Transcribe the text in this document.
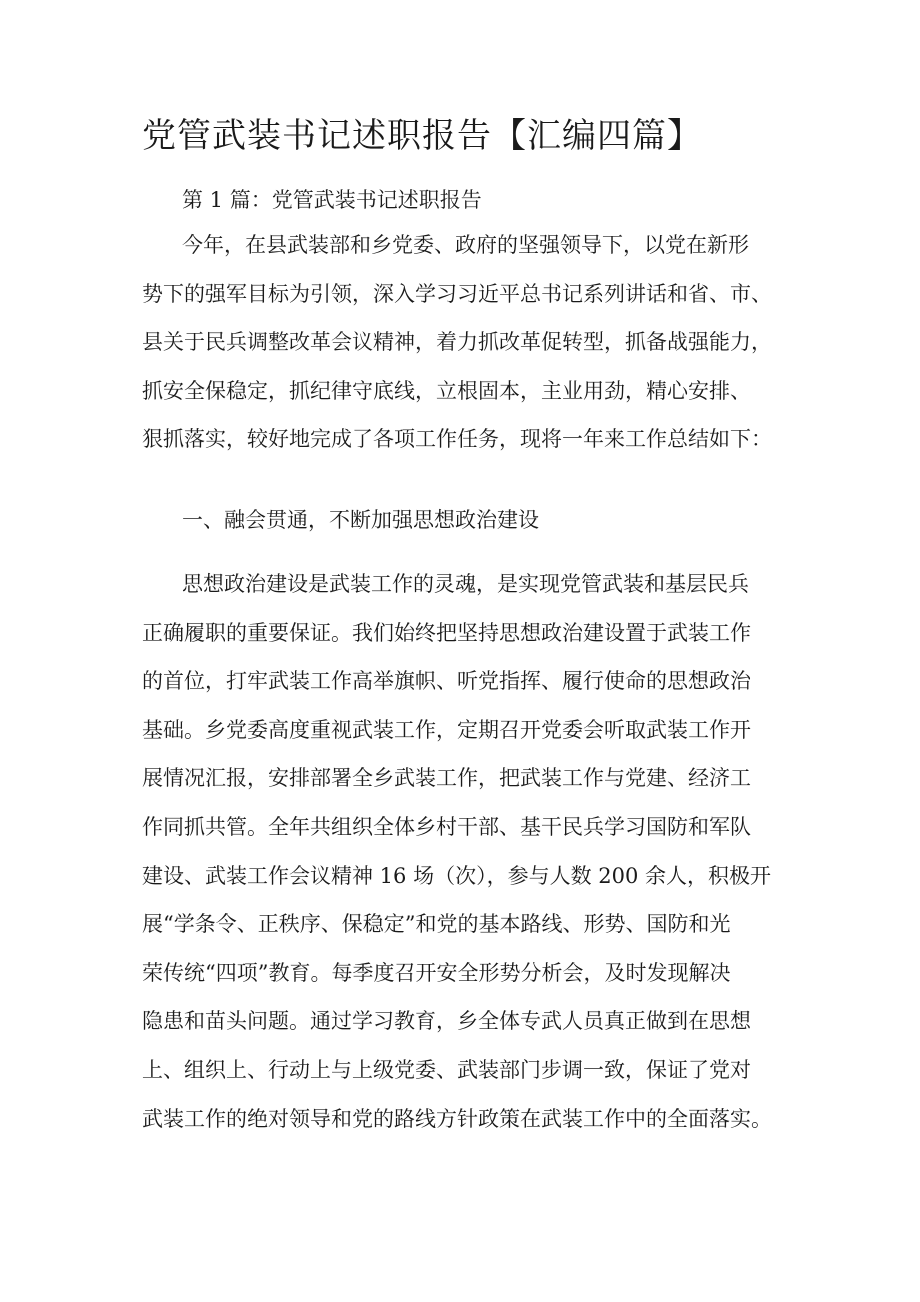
党管武装书记述职报告【汇编四篇】

第 1 篇：党管武装书记述职报告

今年，在县武装部和乡党委、政府的坚强领导下，以党在新形
势下的强军目标为引领，深入学习习近平总书记系列讲话和省、市、
县关于民兵调整改革会议精神，着力抓改革促转型，抓备战强能力，
抓安全保稳定，抓纪律守底线，立根固本，主业用劲，精心安排、
狠抓落实，较好地完成了各项工作任务，现将一年来工作总结如下：

一、融会贯通，不断加强思想政治建设

思想政治建设是武装工作的灵魂，是实现党管武装和基层民兵
正确履职的重要保证。我们始终把坚持思想政治建设置于武装工作
的首位，打牢武装工作高举旗帜、听党指挥、履行使命的思想政治
基础。乡党委高度重视武装工作，定期召开党委会听取武装工作开
展情况汇报，安排部署全乡武装工作，把武装工作与党建、经济工
作同抓共管。全年共组织全体乡村干部、基干民兵学习国防和军队
建设、武装工作会议精神 16 场（次），参与人数 200 余人，积极开
展“学条令、正秩序、保稳定”和党的基本路线、形势、国防和光
荣传统“四项”教育。每季度召开安全形势分析会，及时发现解决
隐患和苗头问题。通过学习教育，乡全体专武人员真正做到在思想
上、组织上、行动上与上级党委、武装部门步调一致，保证了党对
武装工作的绝对领导和党的路线方针政策在武装工作中的全面落实。
